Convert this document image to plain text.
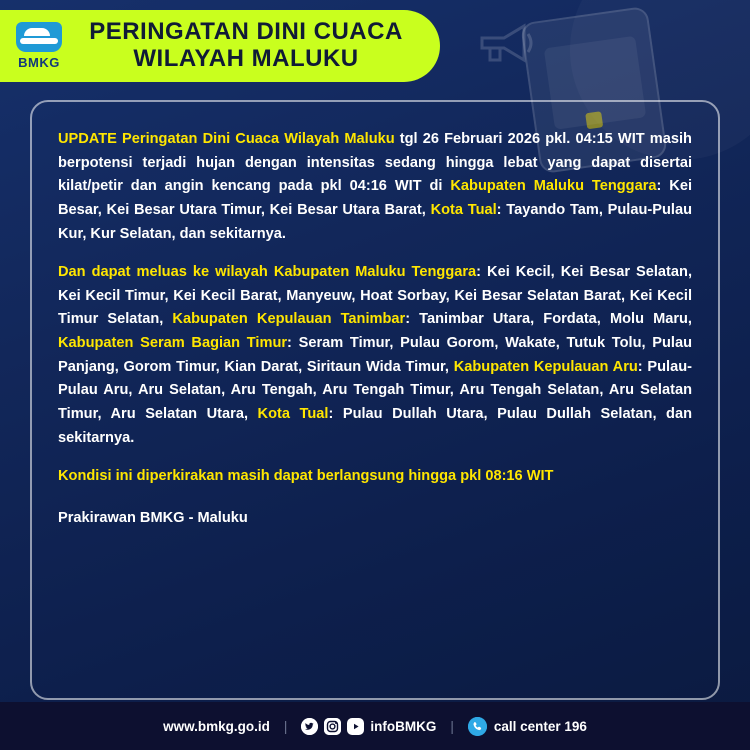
BMKG
PERINGATAN DINI CUACA
WILAYAH MALUKU

UPDATE Peringatan Dini Cuaca Wilayah Maluku tgl 26 Februari 2026 pkl. 04:15 WIT masih berpotensi terjadi hujan dengan intensitas sedang hingga lebat yang dapat disertai kilat/petir dan angin kencang pada pkl 04:16 WIT di Kabupaten Maluku Tenggara: Kei Besar, Kei Besar Utara Timur, Kei Besar Utara Barat, Kota Tual: Tayando Tam, Pulau-Pulau Kur, Kur Selatan, dan sekitarnya.

Dan dapat meluas ke wilayah Kabupaten Maluku Tenggara: Kei Kecil, Kei Besar Selatan, Kei Kecil Timur, Kei Kecil Barat, Manyeuw, Hoat Sorbay, Kei Besar Selatan Barat, Kei Kecil Timur Selatan, Kabupaten Kepulauan Tanimbar: Tanimbar Utara, Fordata, Molu Maru, Kabupaten Seram Bagian Timur: Seram Timur, Pulau Gorom, Wakate, Tutuk Tolu, Pulau Panjang, Gorom Timur, Kian Darat, Siritaun Wida Timur, Kabupaten Kepulauan Aru: Pulau-Pulau Aru, Aru Selatan, Aru Tengah, Aru Tengah Timur, Aru Tengah Selatan, Aru Selatan Timur, Aru Selatan Utara, Kota Tual: Pulau Dullah Utara, Pulau Dullah Selatan, dan sekitarnya.

Kondisi ini diperkirakan masih dapat berlangsung hingga pkl 08:16 WIT

Prakirawan BMKG - Maluku

www.bmkg.go.id |	infoBMKG |	call center 196
